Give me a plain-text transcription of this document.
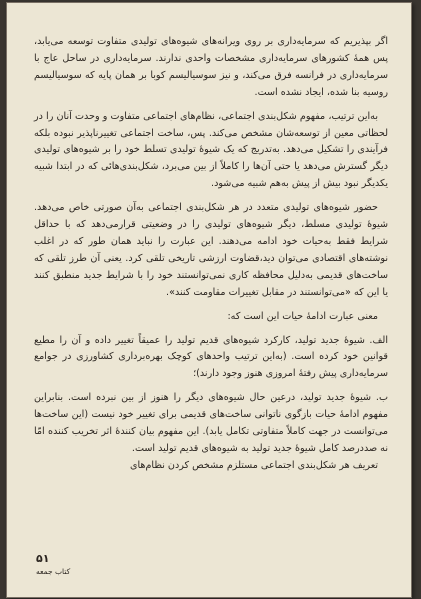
اگر بپذیریم که سرمایه‌داری بر روی ویرانه‌های شیوه‌های تولیدی متفاوت توسعه می‌یابد، پس همهٔ کشورهای سرمایه‌داری مشخصات واحدی ندارند. سرمایه‌داری در ساحل عاج با سرمایه‌داری در فرانسه فرق می‌کند، و نیز سوسیالیسم کوبا بر همان پایه که سوسیالیسم روسیه بنا شده، ایجاد نشده است.

به‌این ترتیب، مفهوم شکل‌بندی اجتماعی، نظام‌های اجتماعی متفاوت و وحدت آنان را در لحظاتی معین از توسعه‌شان مشخص می‌کند. پس، ساخت اجتماعی تغییرناپذیر نبوده بلکه فرآیندی را تشکیل می‌دهد. به‌تدریج که یک شیوهٔ تولیدی تسلط خود را بر شیوه‌های تولیدی دیگر گسترش می‌دهد یا حتی آن‌ها را کاملاً از بین می‌برد، شکل‌بندی‌هائی که در ابتدا شبیه یکدیگر نبود بیش از پیش به‌هم شبیه می‌شود.

حضور شیوه‌های تولیدی متعدد در هر شکل‌بندی اجتماعی به‌آن صورتی خاص می‌دهد. شیوهٔ تولیدی مسلط، دیگر شیوه‌های تولیدی را در وضعیتی قرارمی‌دهد که با حداقل شرایط فقط به‌حیات خود ادامه می‌دهند. این عبارت را نباید همان طور که در اغلب نوشته‌های اقتصادی می‌توان دید،قضاوت ارزشی تاریخی تلقی کرد. یعنی آن طرز تلقی که ساخت‌های قدیمی به‌دلیل محافظه کاری نمی‌توانستند خود را با شرایط جدید منطبق کنند یا این که «می‌توانستند در مقابل تغییرات مقاومت کنند».

معنی عبارت ادامهٔ حیات این است که:

الف. شیوهٔ جدید تولید، کارکرد شیوه‌های قدیم تولید را عمیقاً تغییر داده و آن را مطیع قوانین خود کرده است. (به‌این ترتیب واحدهای کوچک بهره‌برداری کشاورزی در جوامع سرمایه‌داری پیش رفتهٔ امروزی هنوز وجود دارند)؛

ب. شیوهٔ جدید تولید، درعین حال شیوه‌های دیگر را هنوز از بین نبرده است. بنابراین مفهوم ادامهٔ حیات بازگوی ناتوانی ساخت‌های قدیمی برای تغییر خود نیست (این ساخت‌ها می‌توانست در جهت کاملاً متفاوتی تکامل یابد). این مفهوم بیان کنندهٔ اثر تخریب کننده امّا نه صددرصد کامل شیوهٔ جدید تولید به شیوه‌های قدیم تولید است.

تعریف هر شکل‌بندی اجتماعی مستلزم مشخص کردن نظام‌های

۵۱
کتاب جمعه
